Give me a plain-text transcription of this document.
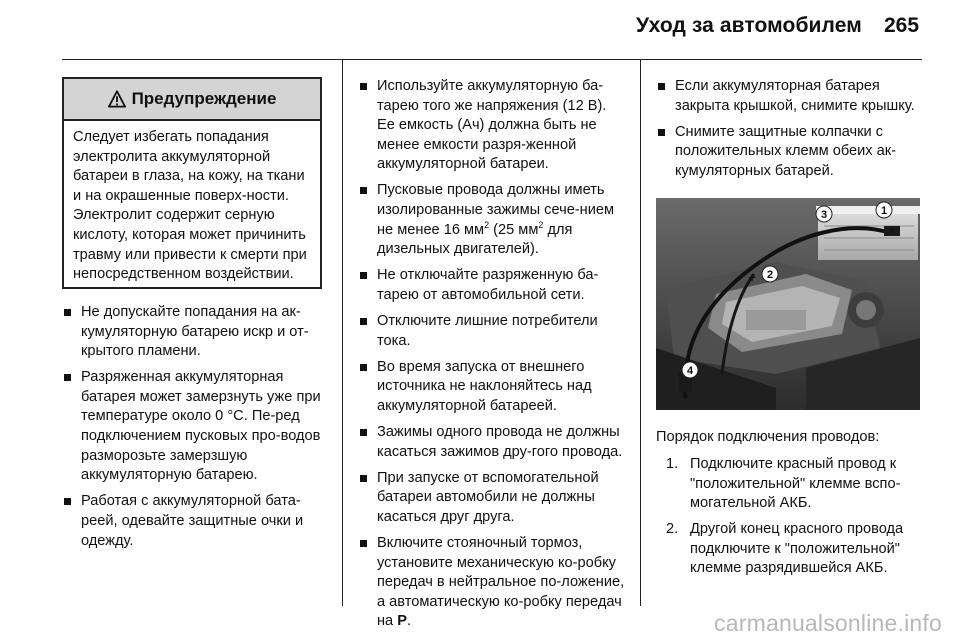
Уход за автомобилем 265
Предупреждение
Следует избегать попадания электролита аккумуляторной батареи в глаза, на кожу, на ткани и на окрашенные поверх-ности. Электролит содержит серную кислоту, которая может причинить травму или привести к смерти при непосредственном воздействии.
Не допускайте попадания на ак-кумуляторную батарею искр и от-крытого пламени.
Разряженная аккумуляторная батарея может замерзнуть уже при температуре около 0 °C. Пе-ред подключением пусковых про-водов разморозьте замерзшую аккумуляторную батарею.
Работая с аккумуляторной бата-реей, одевайте защитные очки и одежду.
Используйте аккумуляторную ба-тарею того же напряжения (12 В). Ее емкость (Ач) должна быть не менее емкости разря-женной аккумуляторной батареи.
Пусковые провода должны иметь изолированные зажимы сече-нием не менее 16 $мм^2$ (25 $мм^2$ для дизельных двигателей).
Не отключайте разряженную ба-тарею от автомобильной сети.
Отключите лишние потребители тока.
Во время запуска от внешнего источника не наклоняйтесь над аккумуляторной батареей.
Зажимы одного провода не должны касаться зажимов дру-гого провода.
При запуске от вспомогательной батареи автомобили не должны касаться друг друга.
Включите стояночный тормоз, установите механическую ко-робку передач в нейтральное по-ложение, а автоматическую ко-робку передач на P.
Если аккумуляторная батарея закрыта крышкой, снимите крышку.
Снимите защитные колпачки с положительных клемм обеих ак-кумуляторных батарей.
+
+
1
2
3
4
Порядок подключения проводов:
1. Подключите красный провод к "положительной" клемме вспо-могательной АКБ.
2. Другой конец красного провода подключите к "положительной" клемме разрядившейся АКБ.
carmanualsonline.info
